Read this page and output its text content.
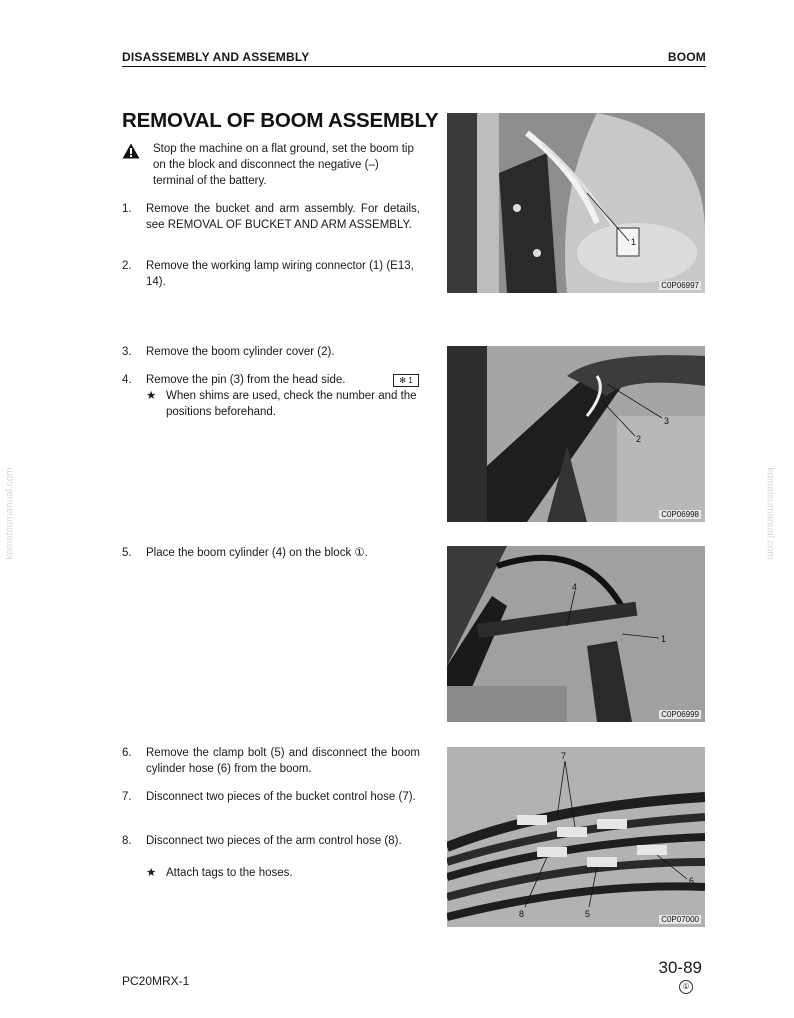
DISASSEMBLY AND ASSEMBLY	BOOM
REMOVAL OF BOOM ASSEMBLY
Stop the machine on a flat ground, set the boom tip on the block and disconnect the negative (–) terminal of the battery.
1. Remove the bucket and arm assembly. For details, see REMOVAL OF BUCKET AND ARM ASSEMBLY.
2. Remove the working lamp wiring connector (1) (E13, 14).
3. Remove the boom cylinder cover (2).
4. Remove the pin (3) from the head side.
★ When shims are used, check the number and the positions beforehand.
✻ 1
5. Place the boom cylinder (4) on the block ①.
6. Remove the clamp bolt (5) and disconnect the boom cylinder hose (6) from the boom.
7. Disconnect two pieces of the bucket control hose (7).
8. Disconnect two pieces of the arm control hose (8).
★ Attach tags to the hoses.
1
C0P06997
3
2
C0P06998
4
1
C0P06999
7
6
8	5
C0P07000
PC20MRX-1
30-89
①
komatsumanual.com	komatsumanual.com
